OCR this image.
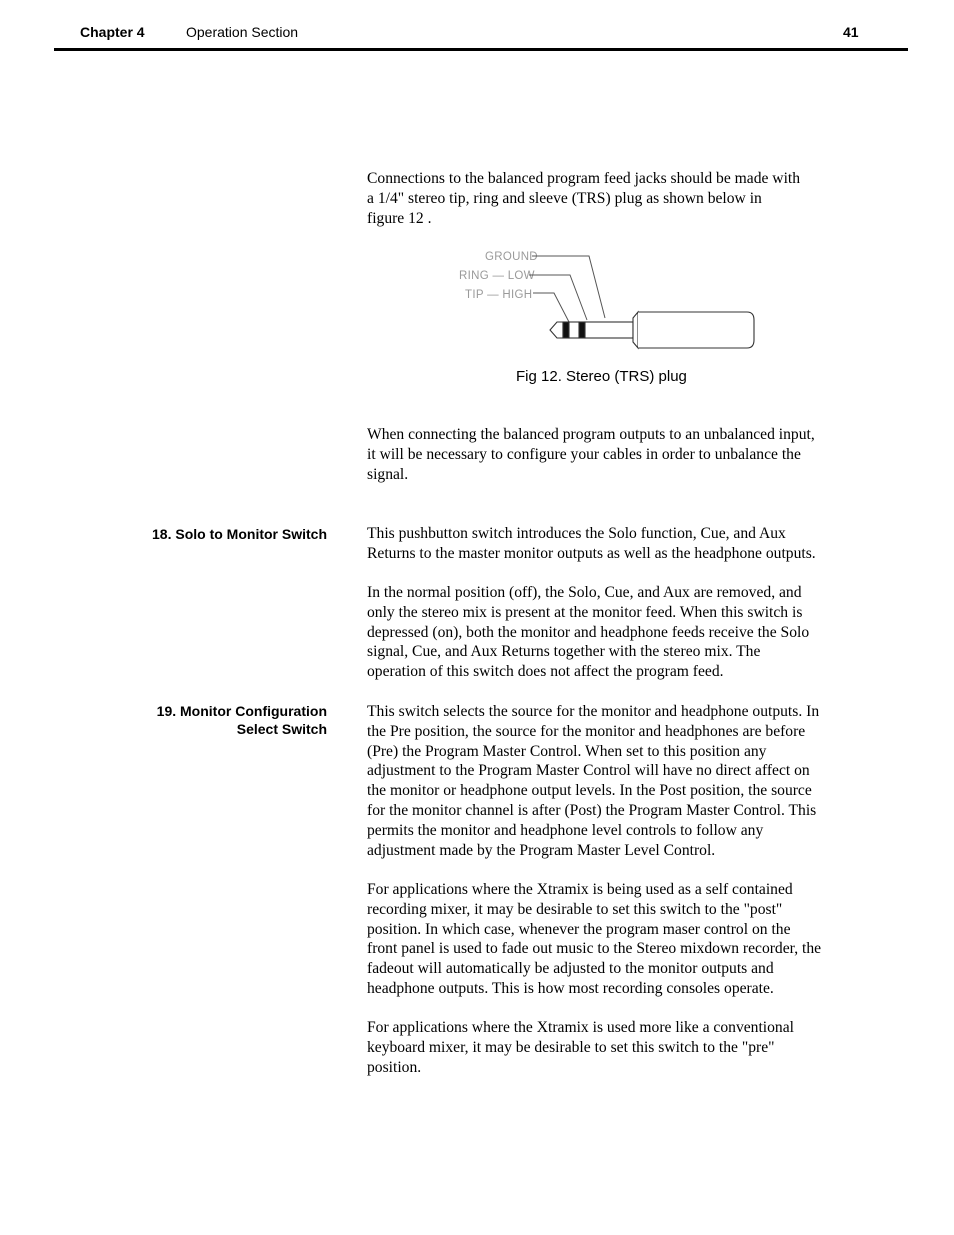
Chapter 4	Operation Section	41

Connections to the balanced program feed jacks should be made with
a 1/4" stereo tip, ring and sleeve (TRS) plug as shown below in
figure 12 .

GROUND
RING — LOW
TIP — HIGH
Fig 12. Stereo (TRS) plug

When connecting the balanced program outputs to an unbalanced input,
it will be necessary to configure your cables in order to unbalance the
signal.

18. Solo to Monitor Switch	This pushbutton switch introduces the Solo function, Cue, and Aux
Returns to the master monitor outputs as well as the headphone outputs.

In the normal position (off), the Solo, Cue, and Aux are removed, and
only the stereo mix is present at the monitor feed. When this switch is
depressed (on), both the monitor and headphone feeds receive the Solo
signal, Cue, and Aux Returns together with the stereo mix. The
operation of this switch does not affect the program feed.

19. Monitor Configuration
Select Switch

This switch selects the source for the monitor and headphone outputs. In
the Pre position, the source for the monitor and headphones are before
(Pre) the Program Master Control. When set to this position any
adjustment to the Program Master Control will have no direct affect on
the monitor or headphone output levels. In the Post position, the source
for the monitor channel is after (Post) the Program Master Control. This
permits the monitor and headphone level controls to follow any
adjustment made by the Program Master Level Control.

For applications where the Xtramix is being used as a self contained
recording mixer, it may be desirable to set this switch to the "post"
position. In which case, whenever the program maser control on the
front panel is used to fade out music to the Stereo mixdown recorder, the
fadeout will automatically be adjusted to the monitor outputs and
headphone outputs. This is how most recording consoles operate.

For applications where the Xtramix is used more like a conventional
keyboard mixer, it may be desirable to set this switch to the "pre"
position.
